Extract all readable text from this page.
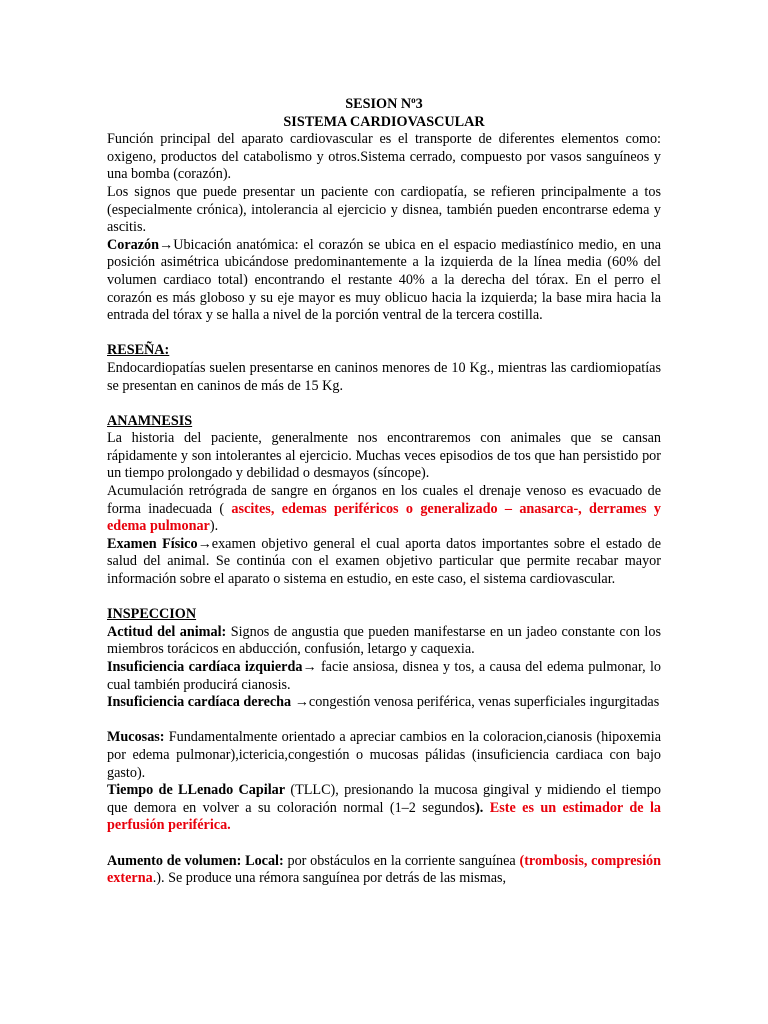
SESION $N^o3$

SISTEMA CARDIOVASCULAR

Función principal del aparato cardiovascular es el transporte de diferentes elementos como: oxigeno, productos del catabolismo y otros.Sistema cerrado, compuesto por vasos sanguíneos y una bomba (corazón).

Los signos que puede presentar un paciente con cardiopatía, se refieren principalmente a tos (especialmente crónica), intolerancia al ejercicio y disnea, también pueden encontrarse edema y ascitis.

Corazón→Ubicación anatómica: el corazón se ubica en el espacio mediastínico medio, en una posición asimétrica ubicándose predominantemente a la izquierda de la línea media (60% del volumen cardiaco total) encontrando el restante 40% a la derecha del tórax. En el perro el corazón es más globoso y su eje mayor es muy oblicuo hacia la izquierda; la base mira hacia la entrada del tórax y se halla a nivel de la porción ventral de la tercera costilla.

RESEÑA:

Endocardiopatías suelen presentarse en caninos menores de 10 Kg., mientras las cardiomiopatías se presentan en caninos de más de 15 Kg.

ANAMNESIS

La historia del paciente, generalmente nos encontraremos con animales que se cansan rápidamente y son intolerantes al ejercicio. Muchas veces episodios de tos que han persistido por un tiempo prolongado y debilidad o desmayos (síncope).

Acumulación retrógrada de sangre en órganos en los cuales el drenaje venoso es evacuado de forma inadecuada ( ascites, edemas periféricos o generalizado – anasarca-, derrames y edema pulmonar).

Examen Físico→examen objetivo general el cual aporta datos importantes sobre el estado de salud del animal. Se continúa con el examen objetivo particular que permite recabar mayor información sobre el aparato o sistema en estudio, en este caso, el sistema cardiovascular.

INSPECCION

Actitud del animal: Signos de angustia que pueden manifestarse en un jadeo constante con los miembros torácicos en abducción, confusión, letargo y caquexia.

Insuficiencia cardíaca izquierda→ facie ansiosa, disnea y tos, a causa del edema pulmonar, lo cual también producirá cianosis.

Insuficiencia cardíaca derecha →congestión venosa periférica, venas superficiales ingurgitadas

Mucosas: Fundamentalmente orientado a apreciar cambios en la coloracion,cianosis (hipoxemia por edema pulmonar),ictericia,congestión o mucosas pálidas (insuficiencia cardiaca con bajo gasto).

Tiempo de LLenado Capilar (TLLC), presionando la mucosa gingival y midiendo el tiempo que demora en volver a su coloración normal (1–2 segundos). Este es un estimador de la perfusión periférica.

Aumento de volumen: Local: por obstáculos en la corriente sanguínea (trombosis, compresión externa.). Se produce una rémora sanguínea por detrás de las mismas,
